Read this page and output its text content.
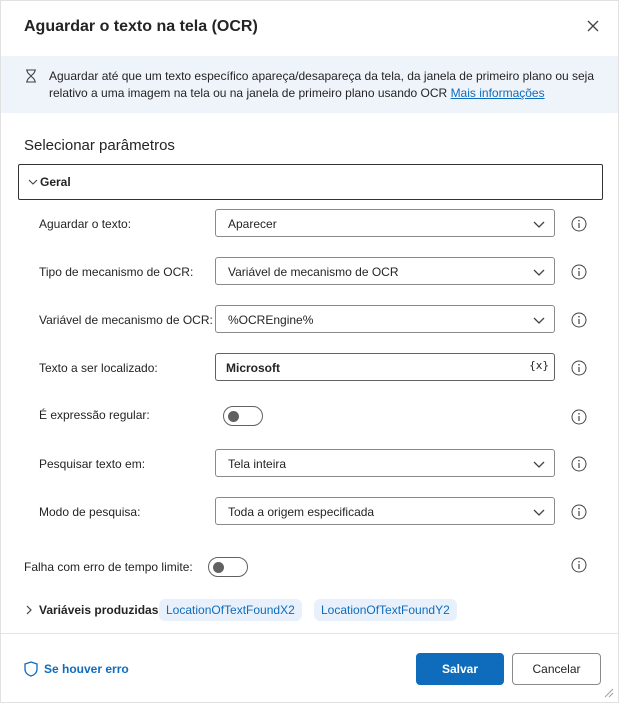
Aguardar o texto na tela (OCR)
Aguardar até que um texto específico apareça/desapareça da tela, da janela de primeiro plano ou seja relativo a uma imagem na tela ou na janela de primeiro plano usando OCR Mais informações
Selecionar parâmetros
Geral
Aguardar o texto:	Aparecer
Tipo de mecanismo de OCR:	Variável de mecanismo de OCR
Variável de mecanismo de OCR: %OCREngine%
Texto a ser localizado:	Microsoft	{x}
É expressão regular:
Pesquisar texto em:	Tela inteira
Modo de pesquisa:	Toda a origem especificada
Falha com erro de tempo limite:
Variáveis produzidas LocationOfTextFoundX2	LocationOfTextFoundY2
Se houver erro	Salvar	Cancelar
